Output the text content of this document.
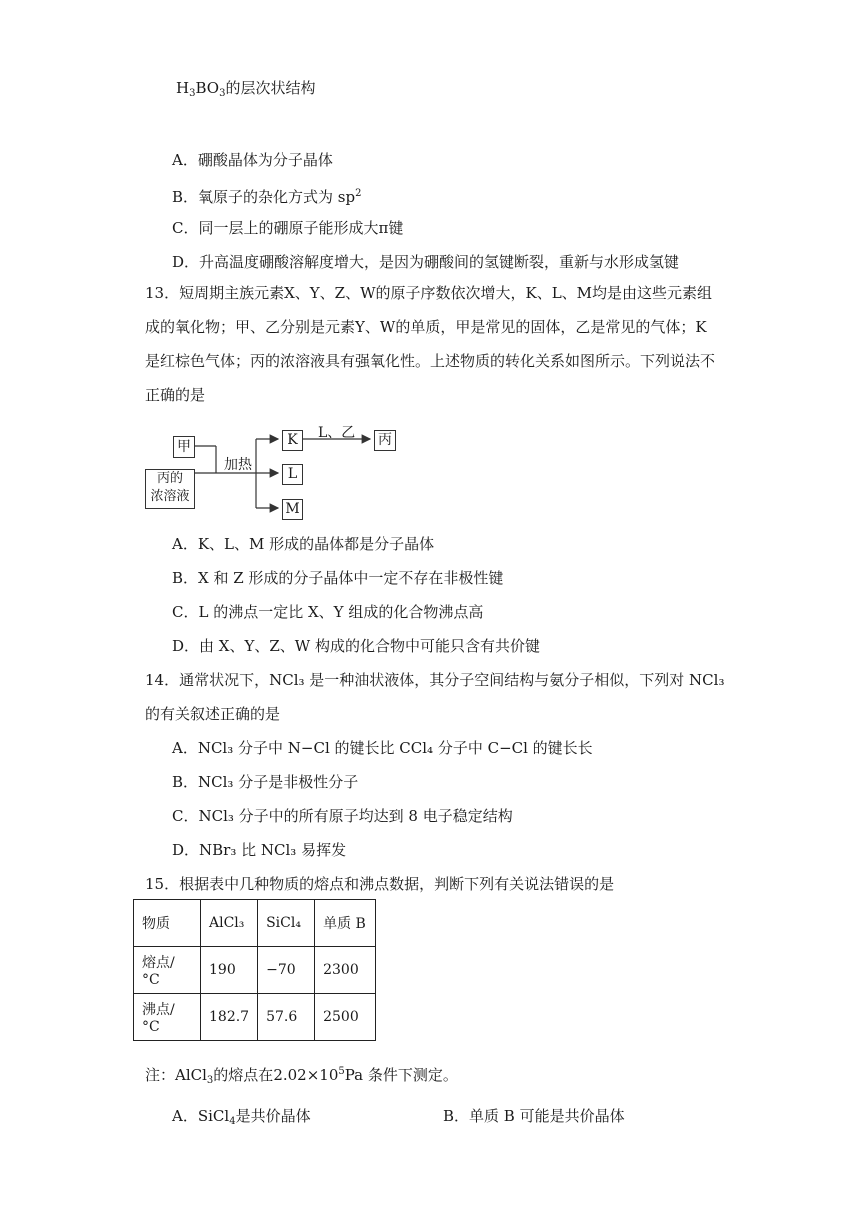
$H_3BO_3$的层次状结构
A．硼酸晶体为分子晶体
B．氧原子的杂化方式为 $sp^2$
C．同一层上的硼原子能形成大π键
D．升高温度硼酸溶解度增大，是因为硼酸间的氢键断裂，重新与水形成氢键
13．短周期主族元素X、Y、Z、W的原子序数依次增大，K、L、M均是由这些元素组成的氧化物；甲、乙分别是元素Y、W的单质，甲是常见的固体，乙是常见的气体；K是红棕色气体；丙的浓溶液具有强氧化性。上述物质的转化关系如图所示。下列说法不正确的是
甲
丙的
浓溶液
加热
K
L
M
L、乙 丙
A．K、L、M 形成的晶体都是分子晶体
B．X 和 Z 形成的分子晶体中一定不存在非极性键
C．L 的沸点一定比 X、Y 组成的化合物沸点高
D．由 X、Y、Z、W 构成的化合物中可能只含有共价键
14．通常状况下，NCl₃ 是一种油状液体，其分子空间结构与氨分子相似，下列对 NCl₃
的有关叙述正确的是
A．NCl₃ 分子中 N−Cl 的键长比 CCl₄ 分子中 C−Cl 的键长长
B．NCl₃ 分子是非极性分子
C．NCl₃ 分子中的所有原子均达到 8 电子稳定结构
D．NBr₃ 比 NCl₃ 易挥发
15．根据表中几种物质的熔点和沸点数据，判断下列有关说法错误的是
物质	AlCl₃	SiCl₄	单质 B
熔点/°C	190	−70	2300
沸点/°C	182.7	57.6	2500
注：AlCl$_3$的熔点在$2.02\times 10^5Pa$ 条件下测定。
A．SiCl$_4$是共价晶体	B．单质 B 可能是共价晶体
